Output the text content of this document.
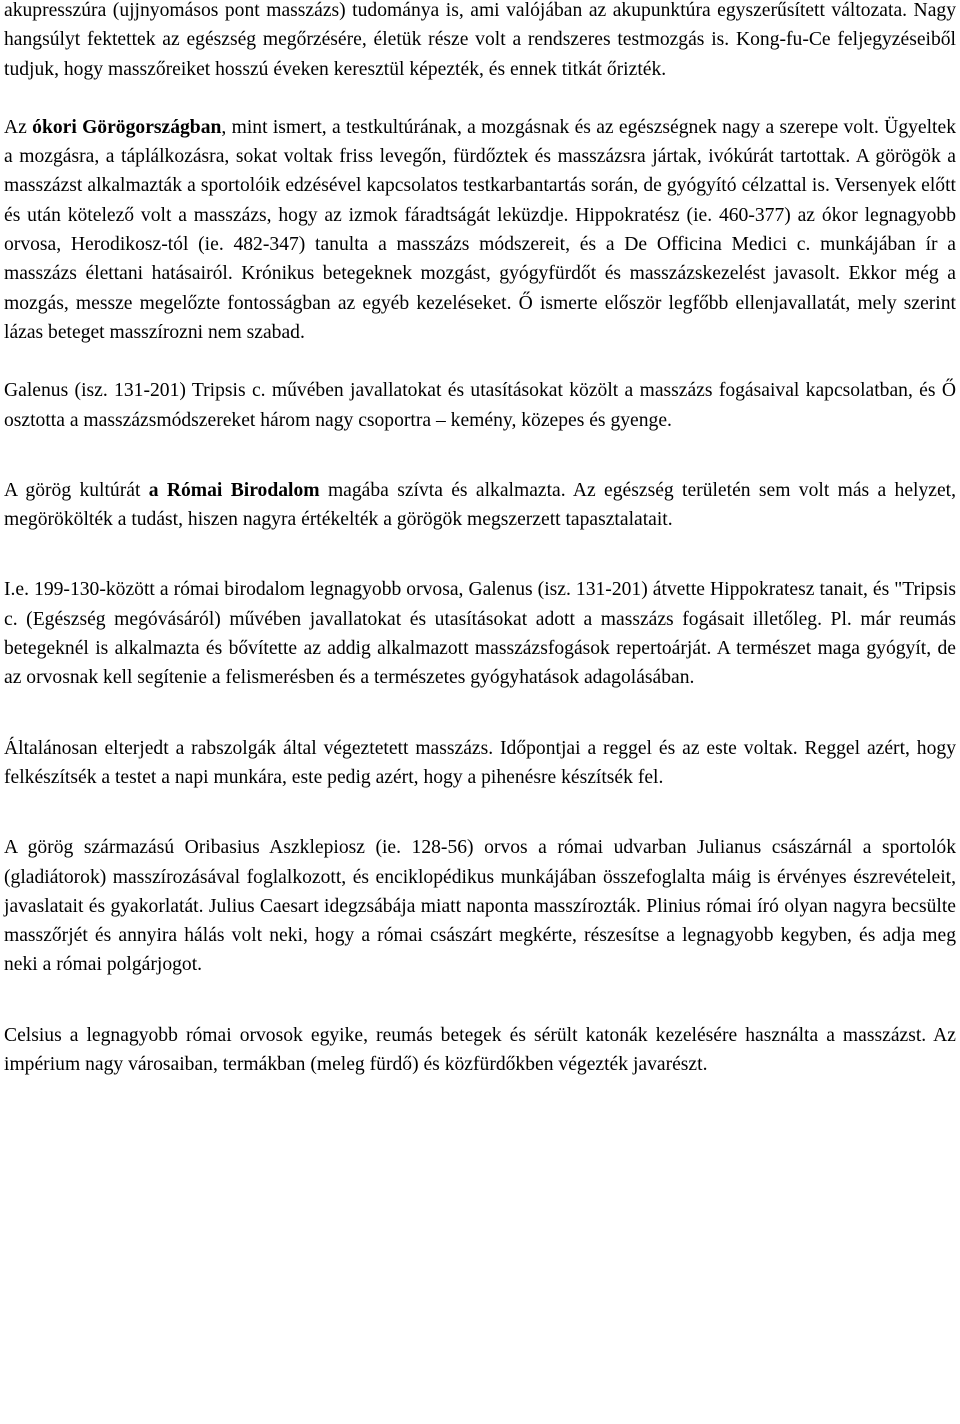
akupresszúra (ujjnyomásos pont masszázs) tudománya is, ami valójában az akupunktúra egyszerűsített változata. Nagy hangsúlyt fektettek az egészség megőrzésére, életük része volt a rendszeres testmozgás is. Kong-fu-Ce feljegyzéseiből tudjuk, hogy masszőreiket hosszú éveken keresztül képezték, és ennek titkát őrizték.

Az ókori Görögországban, mint ismert, a testkultúrának, a mozgásnak és az egészségnek nagy a szerepe volt. Ügyeltek a mozgásra, a táplálkozásra, sokat voltak friss levegőn, fürdőztek és masszázsra jártak, ivókúrát tartottak. A görögök a masszázst alkalmazták a sportolóik edzésével kapcsolatos testkarbantartás során, de gyógyító célzattal is. Versenyek előtt és után kötelező volt a masszázs, hogy az izmok fáradtságát leküzdje. Hippokratész (ie. 460-377) az ókor legnagyobb orvosa, Herodikosz-tól (ie. 482-347) tanulta a masszázs módszereit, és a De Officina Medici c. munkájában ír a masszázs élettani hatásairól. Krónikus betegeknek mozgást, gyógyfürdőt és masszázskezelést javasolt. Ekkor még a mozgás, messze megelőzte fontosságban az egyéb kezeléseket. Ő ismerte először legfőbb ellenjavallatát, mely szerint lázas beteget masszírozni nem szabad.

Galenus (isz. 131-201) Tripsis c. művében javallatokat és utasításokat közölt a masszázs fogásaival kapcsolatban, és Ő osztotta a masszázsmódszereket három nagy csoportra – kemény, közepes és gyenge.

A görög kultúrát a Római Birodalom magába szívta és alkalmazta. Az egészség területén sem volt más a helyzet, megörökölték a tudást, hiszen nagyra értékelték a görögök megszerzett tapasztalatait.

I.e. 199-130-között a római birodalom legnagyobb orvosa, Galenus (isz. 131-201) átvette Hippokratesz tanait, és "Tripsis c. (Egészség megóvásáról) művében javallatokat és utasításokat adott a masszázs fogásait illetőleg. Pl. már reumás betegeknél is alkalmazta és bővítette az addig alkalmazott masszázsfogások repertoárját. A természet maga gyógyít, de az orvosnak kell segítenie a felismerésben és a természetes gyógyhatások adagolásában.

Általánosan elterjedt a rabszolgák által végeztetett masszázs. Időpontjai a reggel és az este voltak. Reggel azért, hogy felkészítsék a testet a napi munkára, este pedig azért, hogy a pihenésre készítsék fel.

A görög származású Oribasius Aszklepiosz (ie. 128-56) orvos a római udvarban Julianus császárnál a sportolók (gladiátorok) masszírozásával foglalkozott, és enciklopédikus munkájában összefoglalta máig is érvényes észrevételeit, javaslatait és gyakorlatát. Julius Caesart idegzsábája miatt naponta masszírozták. Plinius római író olyan nagyra becsülte masszőrjét és annyira hálás volt neki, hogy a római császárt megkérte, részesítse a legnagyobb kegyben, és adja meg neki a római polgárjogot.

Celsius a legnagyobb római orvosok egyike, reumás betegek és sérült katonák kezelésére használta a masszázst. Az impérium nagy városaiban, termákban (meleg fürdő) és közfürdőkben végezték javarészt.
